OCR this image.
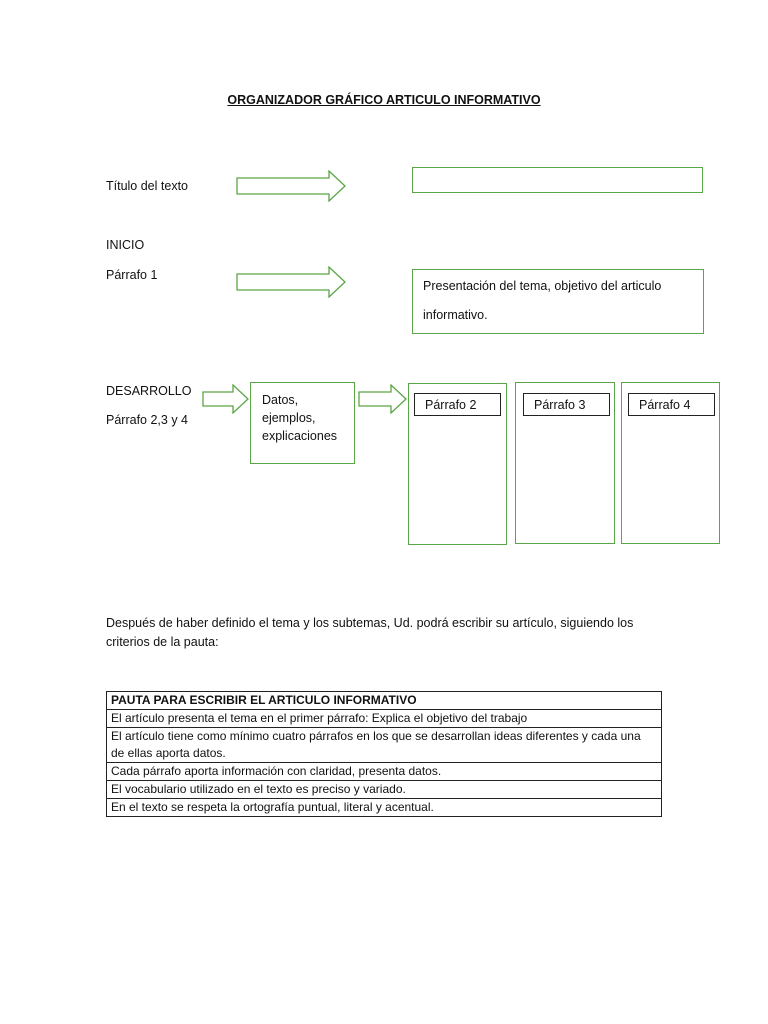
ORGANIZADOR GRÁFICO ARTICULO INFORMATIVO
Título del texto
INICIO
Párrafo 1
Presentación del tema, objetivo del articulo
informativo.
DESARROLLO
Párrafo 2,3 y 4
Datos,
ejemplos,
explicaciones
Párrafo 2	Párrafo 3	Párrafo 4
Después de haber definido el tema y los subtemas, Ud. podrá escribir su artículo, siguiendo los criterios de la pauta:
PAUTA PARA ESCRIBIR EL ARTICULO INFORMATIVO
El artículo presenta el tema en el primer párrafo: Explica el objetivo del trabajo
El artículo tiene como mínimo cuatro párrafos en los que se desarrollan ideas diferentes y cada una de ellas aporta datos.
Cada párrafo aporta información con claridad, presenta datos.
El vocabulario utilizado en el texto es preciso y variado.
En el texto se respeta la ortografía puntual, literal y acentual.
